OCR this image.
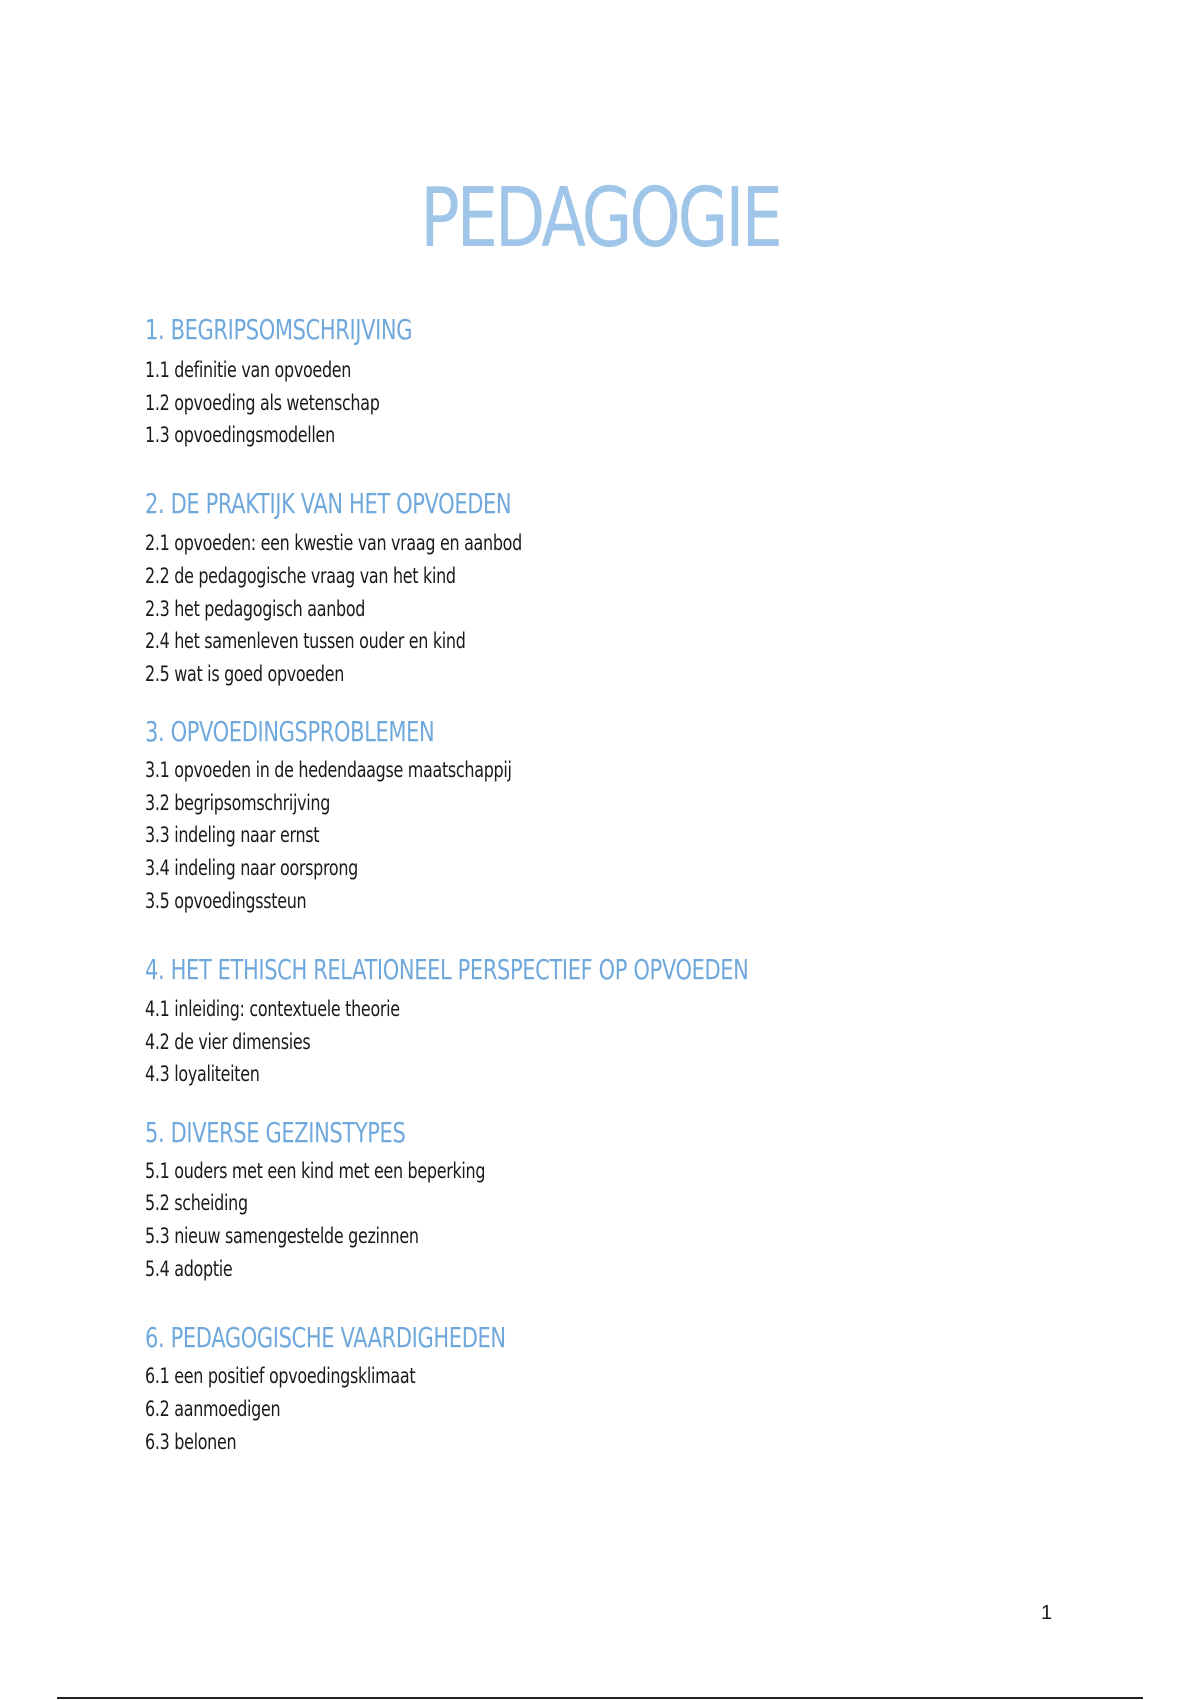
PEDAGOGIE
1. BEGRIPSOMSCHRIJVING
1.1 definitie van opvoeden
1.2 opvoeding als wetenschap
1.3 opvoedingsmodellen
2. DE PRAKTIJK VAN HET OPVOEDEN
2.1 opvoeden: een kwestie van vraag en aanbod
2.2 de pedagogische vraag van het kind
2.3 het pedagogisch aanbod
2.4 het samenleven tussen ouder en kind
2.5 wat is goed opvoeden
3. OPVOEDINGSPROBLEMEN
3.1 opvoeden in de hedendaagse maatschappij
3.2 begripsomschrijving
3.3 indeling naar ernst
3.4 indeling naar oorsprong
3.5 opvoedingssteun
4. HET ETHISCH RELATIONEEL PERSPECTIEF OP OPVOEDEN
4.1 inleiding: contextuele theorie
4.2 de vier dimensies
4.3 loyaliteiten
5. DIVERSE GEZINSTYPES
5.1 ouders met een kind met een beperking
5.2 scheiding
5.3 nieuw samengestelde gezinnen
5.4 adoptie
6. PEDAGOGISCHE VAARDIGHEDEN
6.1 een positief opvoedingsklimaat
6.2 aanmoedigen
6.3 belonen
1
